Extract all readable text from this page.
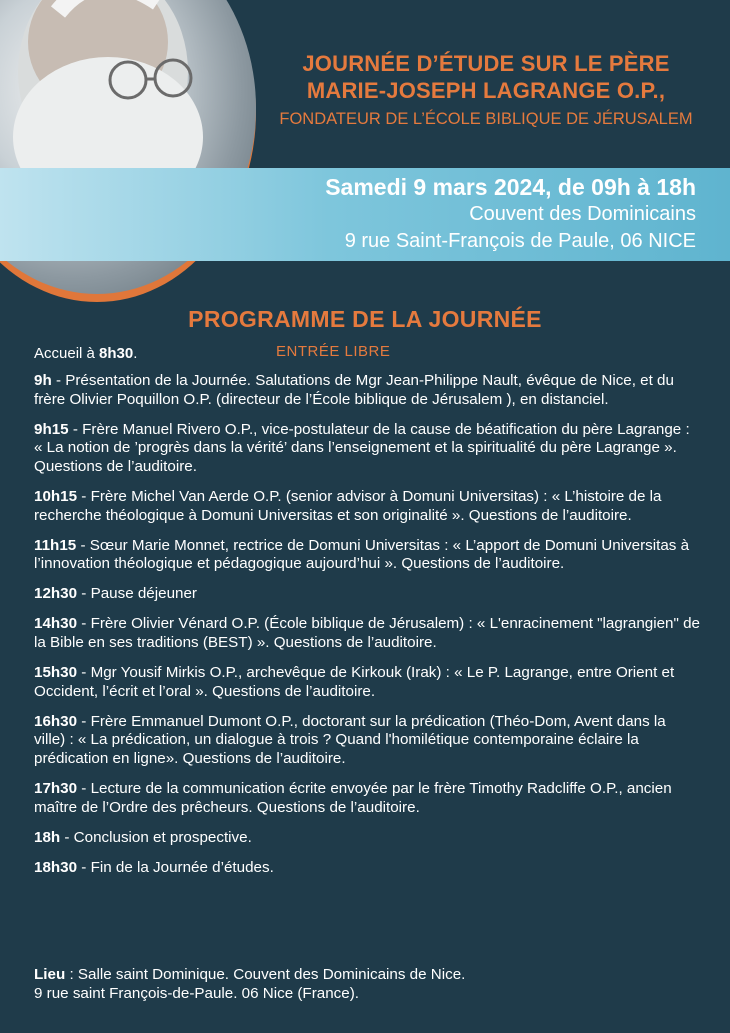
JOURNÉE D’ÉTUDE SUR LE PÈRE
MARIE-JOSEPH LAGRANGE O.P.,
FONDATEUR DE L’ÉCOLE BIBLIQUE DE JÉRUSALEM
Samedi 9 mars 2024, de 09h à 18h
Couvent des Dominicains
9 rue Saint-François de Paule, 06 NICE
PROGRAMME DE LA JOURNÉE
Accueil à 8h30.	ENTRÉE LIBRE
9h - Présentation de la Journée. Salutations de Mgr Jean-Philippe Nault, évêque de Nice, et du frère Olivier Poquillon O.P. (directeur de l’École biblique de Jérusalem ), en distanciel.
9h15 - Frère Manuel Rivero O.P., vice-postulateur de la cause de béatification du père Lagrange : « La notion de ’progrès dans la vérité’ dans l’enseignement et la spiritualité du père Lagrange ». Questions de l’auditoire.
10h15 - Frère Michel Van Aerde O.P. (senior advisor à Domuni Universitas) : « L’histoire de la recherche théologique à Domuni Universitas et son originalité ». Questions de l’auditoire.
11h15 - Sœur Marie Monnet, rectrice de Domuni Universitas : « L’apport de Domuni Universitas à l’innovation théologique et pédagogique aujourd’hui ». Questions de l’auditoire.
12h30 - Pause déjeuner
14h30 - Frère Olivier Vénard O.P. (École biblique de Jérusalem) : « L'enracinement "lagrangien" de la Bible en ses traditions (BEST) ». Questions de l’auditoire.
15h30 - Mgr Yousif Mirkis O.P., archevêque de Kirkouk (Irak) : « Le P. Lagrange, entre Orient et Occident, l’écrit et l’oral ». Questions de l’auditoire.
16h30 - Frère Emmanuel Dumont O.P., doctorant sur la prédication (Théo-Dom, Avent dans la ville) : « La prédication, un dialogue à trois ? Quand l'homilétique contemporaine éclaire la prédication en ligne». Questions de l’auditoire.
17h30 - Lecture de la communication écrite envoyée par le frère Timothy Radcliffe O.P., ancien maître de l’Ordre des prêcheurs. Questions de l’auditoire.
18h - Conclusion et prospective.
18h30 - Fin de la Journée d’études.
Lieu : Salle saint Dominique. Couvent des Dominicains de Nice.
9 rue saint François-de-Paule. 06 Nice (France).
